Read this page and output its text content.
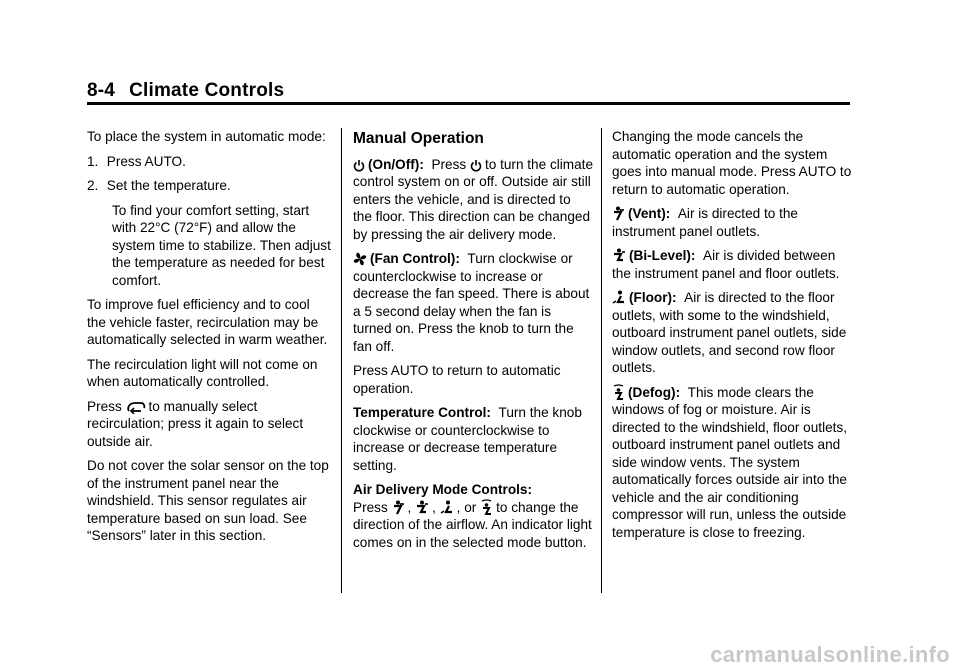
8-4 Climate Controls

To place the system in automatic mode:

1. Press AUTO.

2. Set the temperature.

To find your comfort setting, start with 22°C (72°F) and allow the system time to stabilize. Then adjust the temperature as needed for best comfort.

To improve fuel efficiency and to cool the vehicle faster, recirculation may be automatically selected in warm weather.

The recirculation light will not come on when automatically controlled.

Press to manually select recirculation; press it again to select outside air.

Do not cover the solar sensor on the top of the instrument panel near the windshield. This sensor regulates air temperature based on sun load. See “Sensors” later in this section.

Manual Operation

(On/Off): Press to turn the climate control system on or off. Outside air still enters the vehicle, and is directed to the floor. This direction can be changed by pressing the air delivery mode.

(Fan Control): Turn clockwise or counterclockwise to increase or decrease the fan speed. There is about a 5 second delay when the fan is turned on. Press the knob to turn the fan off.

Press AUTO to return to automatic operation.

Temperature Control: Turn the knob clockwise or counterclockwise to increase or decrease temperature setting.

Air Delivery Mode Controls:
Press , , , or to change the direction of the airflow. An indicator light comes on in the selected mode button.

Changing the mode cancels the automatic operation and the system goes into manual mode. Press AUTO to return to automatic operation.

(Vent): Air is directed to the instrument panel outlets.

(Bi-Level): Air is divided between the instrument panel and floor outlets.

(Floor): Air is directed to the floor outlets, with some to the windshield, outboard instrument panel outlets, side window outlets, and second row floor outlets.

(Defog): This mode clears the windows of fog or moisture. Air is directed to the windshield, floor outlets, outboard instrument panel outlets and side window vents. The system automatically forces outside air into the vehicle and the air conditioning compressor will run, unless the outside temperature is close to freezing.

carmanualsonline.info
